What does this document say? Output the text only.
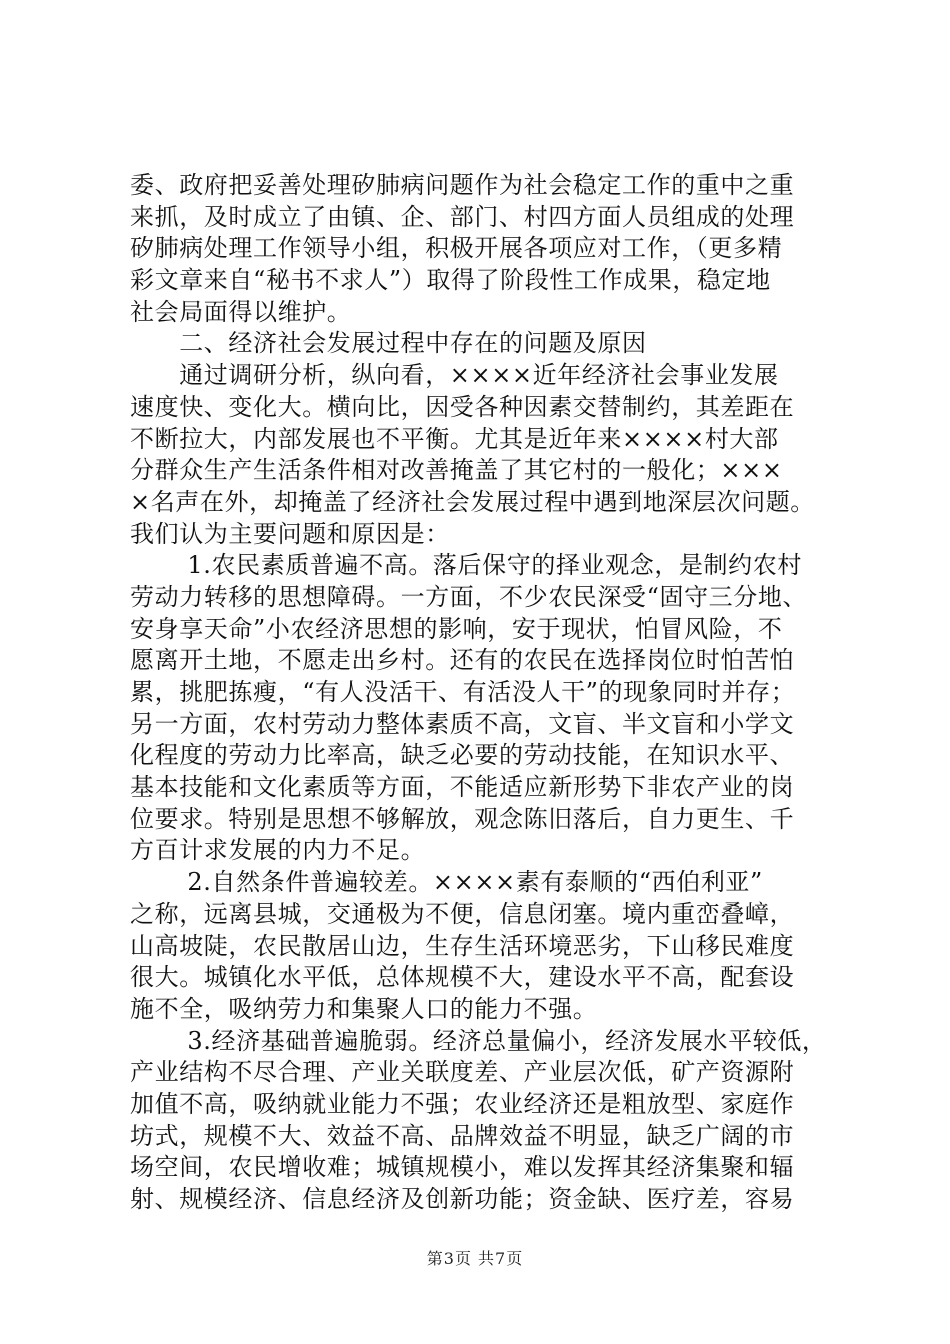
委、政府把妥善处理矽肺病问题作为社会稳定工作的重中之重
来抓，及时成立了由镇、企、部门、村四方面人员组成的处理
矽肺病处理工作领导小组，积极开展各项应对工作，（更多精
彩文章来自“秘书不求人”）取得了阶段性工作成果，稳定地
社会局面得以维护。
　　二、经济社会发展过程中存在的问题及原因
　　通过调研分析，纵向看，××××近年经济社会事业发展
速度快、变化大。横向比，因受各种因素交替制约，其差距在
不断拉大，内部发展也不平衡。尤其是近年来××××村大部
分群众生产生活条件相对改善掩盖了其它村的一般化；×××
×名声在外，却掩盖了经济社会发展过程中遇到地深层次问题。
我们认为主要问题和原因是：
　　 1.农民素质普遍不高。落后保守的择业观念，是制约农村
劳动力转移的思想障碍。一方面，不少农民深受“固守三分地、
安身享天命”小农经济思想的影响，安于现状，怕冒风险，不
愿离开土地，不愿走出乡村。还有的农民在选择岗位时怕苦怕
累，挑肥拣瘦，“有人没活干、有活没人干”的现象同时并存；
另一方面，农村劳动力整体素质不高，文盲、半文盲和小学文
化程度的劳动力比率高，缺乏必要的劳动技能，在知识水平、
基本技能和文化素质等方面，不能适应新形势下非农产业的岗
位要求。特别是思想不够解放，观念陈旧落后，自力更生、千
方百计求发展的内力不足。
　　 2.自然条件普遍较差。××××素有泰顺的“西伯利亚”
之称，远离县城，交通极为不便，信息闭塞。境内重峦叠嶂，
山高坡陡，农民散居山边，生存生活环境恶劣，下山移民难度
很大。城镇化水平低，总体规模不大，建设水平不高，配套设
施不全，吸纳劳力和集聚人口的能力不强。
　　 3.经济基础普遍脆弱。经济总量偏小，经济发展水平较低，
产业结构不尽合理、产业关联度差、产业层次低，矿产资源附
加值不高，吸纳就业能力不强；农业经济还是粗放型、家庭作
坊式，规模不大、效益不高、品牌效益不明显，缺乏广阔的市
场空间，农民增收难；城镇规模小，难以发挥其经济集聚和辐
射、规模经济、信息经济及创新功能；资金缺、医疗差，容易
第3页 共7页
